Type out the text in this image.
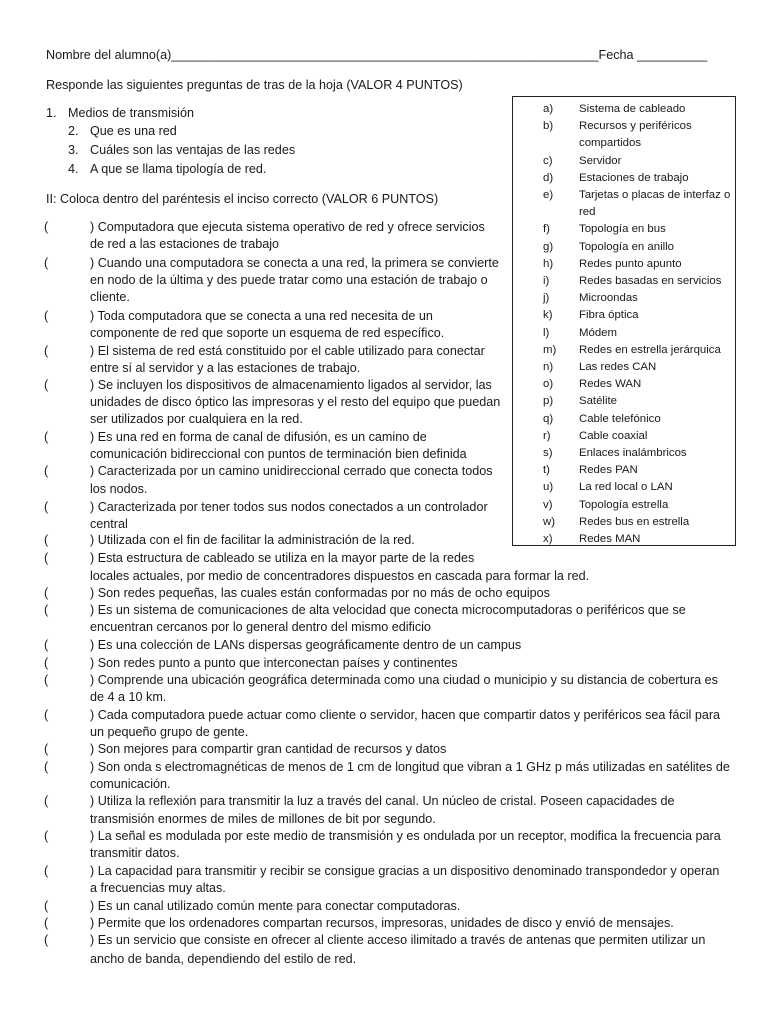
Nombre del alumno(a)_____________________________________________________________Fecha __________
Responde las siguientes preguntas de tras de la hoja (VALOR 4 PUNTOS)
1. Medios de transmisión
2. Que es una red
3. Cuáles son las ventajas de las redes
4. A que se llama tipología de red.
II: Coloca dentro del paréntesis el inciso correcto (VALOR 6 PUNTOS)
a) Sistema de cableado
b) Recursos y periféricos
compartidos
c) Servidor
d) Estaciones de trabajo
e) Tarjetas o placas de interfaz o
red
f)	Topología en bus
g) Topología en anillo
h) Redes punto apunto
i)	Redes basadas en servicios
j)	Microondas
k) Fibra óptica
l)	Módem
m) Redes en estrella jerárquica
n) Las redes CAN
o) Redes WAN
p) Satélite
q) Cable telefónico
r) Cable coaxial
s) Enlaces inalámbricos
t)	Redes PAN
u) La red local o LAN
v) Topología estrella
w) Redes bus en estrella
x) Redes MAN
(	) Computadora que ejecuta sistema operativo de red y ofrece servicios
de red a las estaciones de trabajo
(	) Cuando una computadora se conecta a una red, la primera se convierte
en nodo de la última y des puede tratar como una estación de trabajo o
cliente.
(	) Toda computadora que se conecta a una red necesita de un
componente de red que soporte un esquema de red específico.
(	) El sistema de red está constituido por el cable utilizado para conectar
entre sí al servidor y a las estaciones de trabajo.
(	) Se incluyen los dispositivos de almacenamiento ligados al servidor, las
unidades de disco óptico las impresoras y el resto del equipo que puedan
ser utilizados por cualquiera en la red.
(	) Es una red en forma de canal de difusión, es un camino de
comunicación bidireccional con puntos de terminación bien definida
(	) Caracterizada por un camino unidireccional cerrado que conecta todos
los nodos.
(	) Caracterizada por tener todos sus nodos conectados a un controlador
central
(	) Utilizada con el fin de facilitar la administración de la red.
(	) Esta estructura de cableado se utiliza en la mayor parte de la redes
locales actuales, por medio de concentradores dispuestos en cascada para formar la red.
(	) Son redes pequeñas, las cuales están conformadas por no más de ocho equipos
(	) Es un sistema de comunicaciones de alta velocidad que conecta microcomputadoras o periféricos que se
encuentran cercanos por lo general dentro del mismo edificio
(	) Es una colección de LANs dispersas geográficamente dentro de un campus
(	) Son redes punto a punto que interconectan países y continentes
(	) Comprende una ubicación geográfica determinada como una ciudad o municipio y su distancia de cobertura es
de 4 a 10 km.
(	) Cada computadora puede actuar como cliente o servidor, hacen que compartir datos y periféricos sea fácil para
un pequeño grupo de gente.
(	) Son mejores para compartir gran cantidad de recursos y datos
(	) Son onda s electromagnéticas de menos de 1 cm de longitud que vibran a 1 GHz p más utilizadas en satélites de
comunicación.
(	) Utiliza la reflexión para transmitir la luz a través del canal. Un núcleo de cristal. Poseen capacidades de
transmisión enormes de miles de millones de bit por segundo.
(	) La señal es modulada por este medio de transmisión y es ondulada por un receptor, modifica la frecuencia para
transmitir datos.
(	) La capacidad para transmitir y recibir se consigue gracias a un dispositivo denominado transpondedor y operan
a frecuencias muy altas.
(	) Es un canal utilizado común mente para conectar computadoras.
(	) Permite que los ordenadores compartan recursos, impresoras, unidades de disco y envió de mensajes.
(	) Es un servicio que consiste en ofrecer al cliente acceso ilimitado a través de antenas que permiten utilizar un
ancho de banda, dependiendo del estilo de red.
